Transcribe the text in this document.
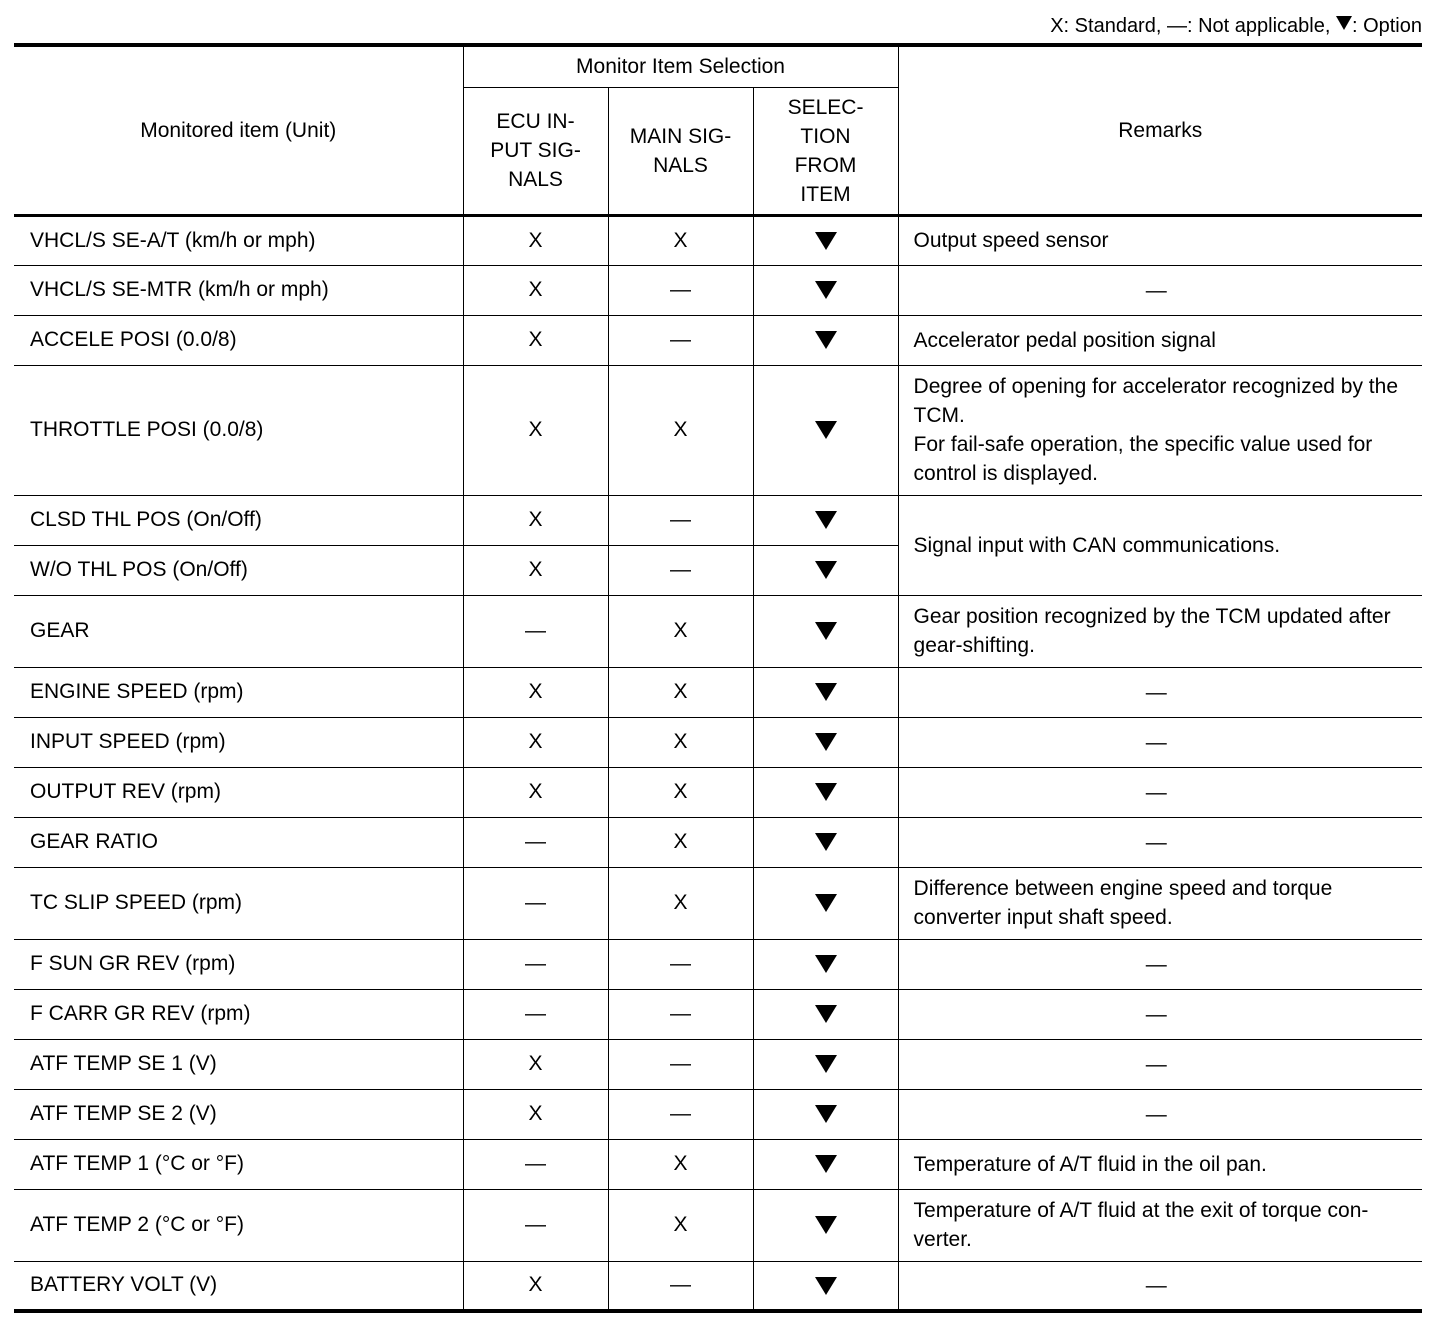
X: Standard, —: Not applicable, : Option
Monitored item (Unit)	Monitor Item Selection			Remarks
	ECU IN-
PUT SIG-
NALS	MAIN SIG-
NALS	SELEC-
TION
FROM
ITEM	
VHCL/S SE-A/T (km/h or mph)	X	X		Output speed sensor
VHCL/S SE-MTR (km/h or mph)	X	—		—
ACCELE POSI (0.0/8)	X	—		Accelerator pedal position signal
THROTTLE POSI (0.0/8)	X	X		Degree of opening for accelerator recognized by the TCM.
For fail-safe operation, the specific value used for control is displayed.
CLSD THL POS (On/Off)	X	—		Signal input with CAN communications.
W/O THL POS (On/Off)	X	—		
GEAR	—	X		Gear position recognized by the TCM updated after gear-shifting.
ENGINE SPEED (rpm)	X	X		—
INPUT SPEED (rpm)	X	X		—
OUTPUT REV (rpm)	X	X		—
GEAR RATIO	—	X		—
TC SLIP SPEED (rpm)	—	X		Difference between engine speed and torque converter input shaft speed.
F SUN GR REV (rpm)	—	—		—
F CARR GR REV (rpm)	—	—		—
ATF TEMP SE 1 (V)	X	—		—
ATF TEMP SE 2 (V)	X	—		—
ATF TEMP 1 (°C or °F)	—	X		Temperature of A/T fluid in the oil pan.
ATF TEMP 2 (°C or °F)	—	X		Temperature of A/T fluid at the exit of torque con-
verter.
BATTERY VOLT (V)	X	—		—
